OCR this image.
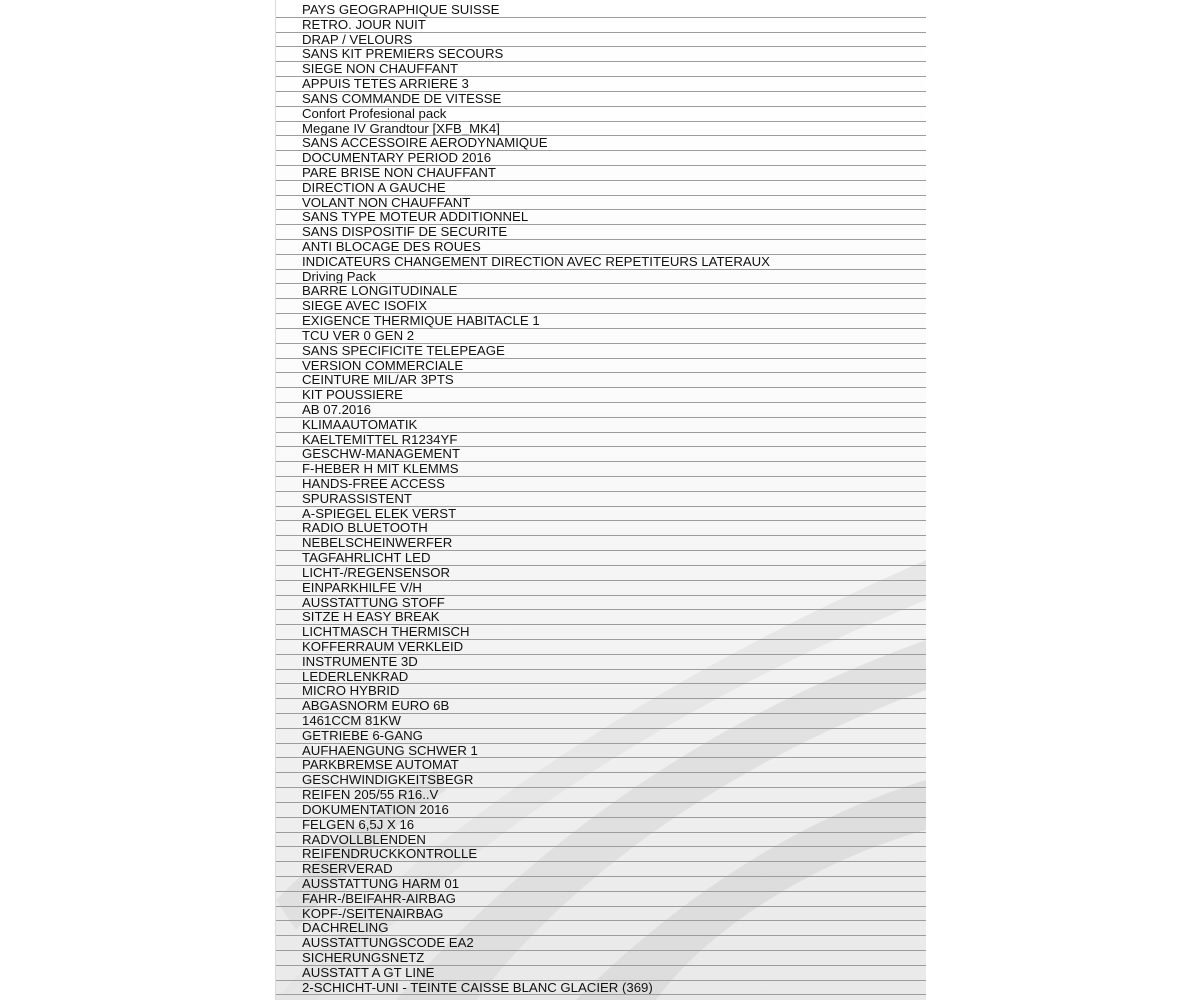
PAYS GEOGRAPHIQUE SUISSE
RETRO. JOUR NUIT
DRAP / VELOURS
SANS KIT PREMIERS SECOURS
SIEGE NON CHAUFFANT
APPUIS TETES ARRIERE 3
SANS COMMANDE DE VITESSE
Confort Profesional pack
Megane IV Grandtour [XFB_MK4]
SANS ACCESSOIRE AERODYNAMIQUE
DOCUMENTARY PERIOD 2016
PARE BRISE NON CHAUFFANT
DIRECTION A GAUCHE
VOLANT NON CHAUFFANT
SANS TYPE MOTEUR ADDITIONNEL
SANS DISPOSITIF DE SECURITE
ANTI BLOCAGE DES ROUES
INDICATEURS CHANGEMENT DIRECTION AVEC REPETITEURS LATERAUX
Driving Pack
BARRE LONGITUDINALE
SIEGE AVEC ISOFIX
EXIGENCE THERMIQUE HABITACLE 1
TCU VER 0 GEN 2
SANS SPECIFICITE TELEPEAGE
VERSION COMMERCIALE
CEINTURE MIL/AR 3PTS
KIT POUSSIERE
AB 07.2016
KLIMAAUTOMATIK
KAELTEMITTEL R1234YF
GESCHW-MANAGEMENT
F-HEBER H MIT KLEMMS
HANDS-FREE ACCESS
SPURASSISTENT
A-SPIEGEL ELEK VERST
RADIO BLUETOOTH
NEBELSCHEINWERFER
TAGFAHRLICHT LED
LICHT-/REGENSENSOR
EINPARKHILFE V/H
AUSSTATTUNG STOFF
SITZE H EASY BREAK
LICHTMASCH THERMISCH
KOFFERRAUM VERKLEID
INSTRUMENTE 3D
LEDERLENKRAD
MICRO HYBRID
ABGASNORM EURO 6B
1461CCM 81KW
GETRIEBE 6-GANG
AUFHAENGUNG SCHWER 1
PARKBREMSE AUTOMAT
GESCHWINDIGKEITSBEGR
REIFEN 205/55 R16..V
DOKUMENTATION 2016
FELGEN 6,5J X 16
RADVOLLBLENDEN
REIFENDRUCKKONTROLLE
RESERVERAD
AUSSTATTUNG HARM 01
FAHR-/BEIFAHR-AIRBAG
KOPF-/SEITENAIRBAG
DACHRELING
AUSSTATTUNGSCODE EA2
SICHERUNGSNETZ
AUSSTATT A GT LINE
2-SCHICHT-UNI - TEINTE CAISSE BLANC GLACIER (369)
